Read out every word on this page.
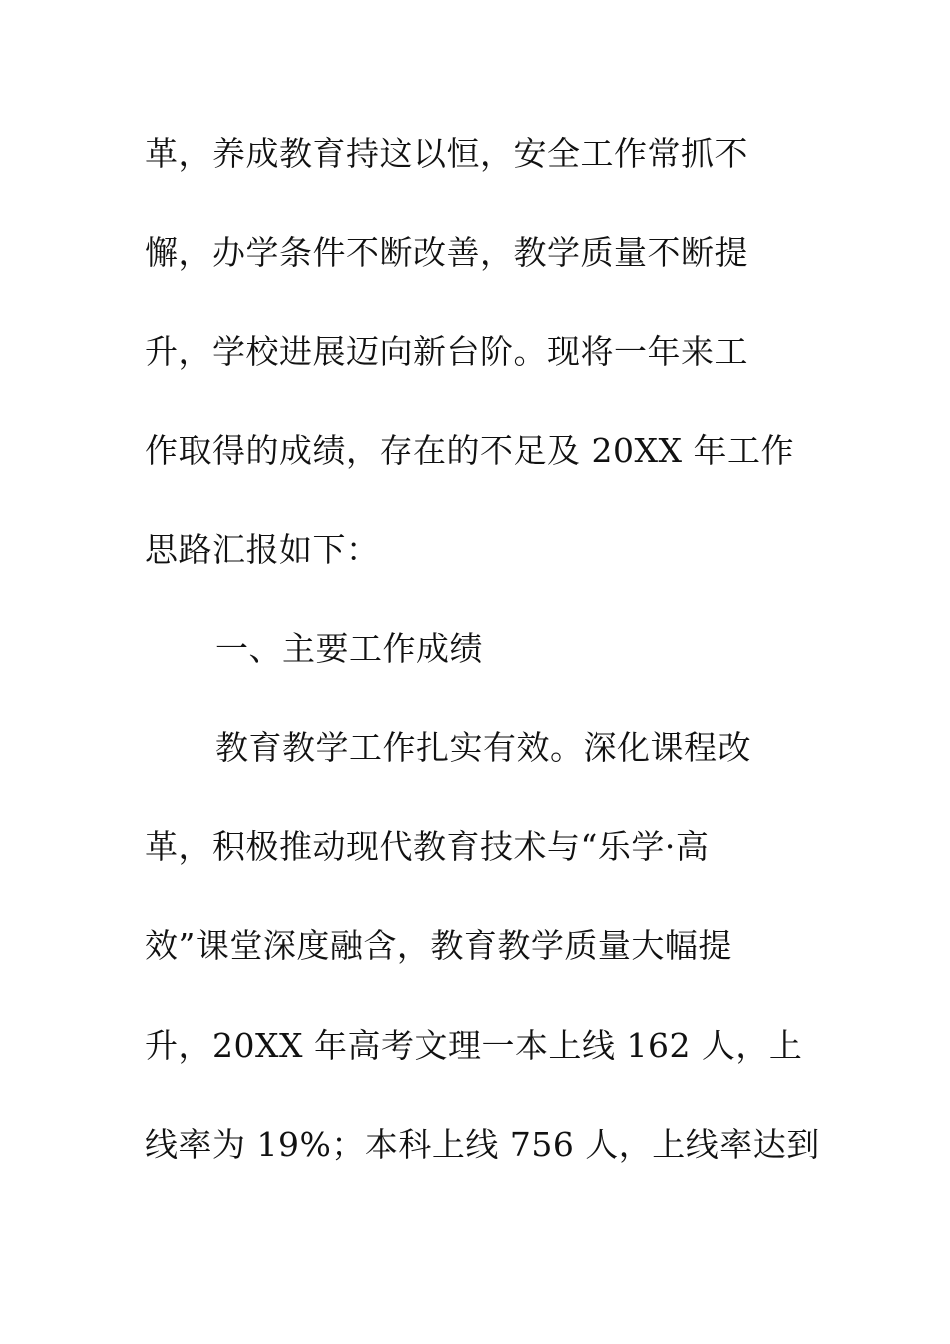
革，养成教育持这以恒，安全工作常抓不
懈，办学条件不断改善，教学质量不断提
升，学校进展迈向新台阶。现将一年来工
作取得的成绩，存在的不足及 20XX 年工作
思路汇报如下：
一、主要工作成绩
教育教学工作扎实有效。深化课程改
革，积极推动现代教育技术与“乐学·高
效”课堂深度融含，教育教学质量大幅提
升，20XX 年高考文理一本上线 162 人，上
线率为 19%；本科上线 756 人，上线率达到
